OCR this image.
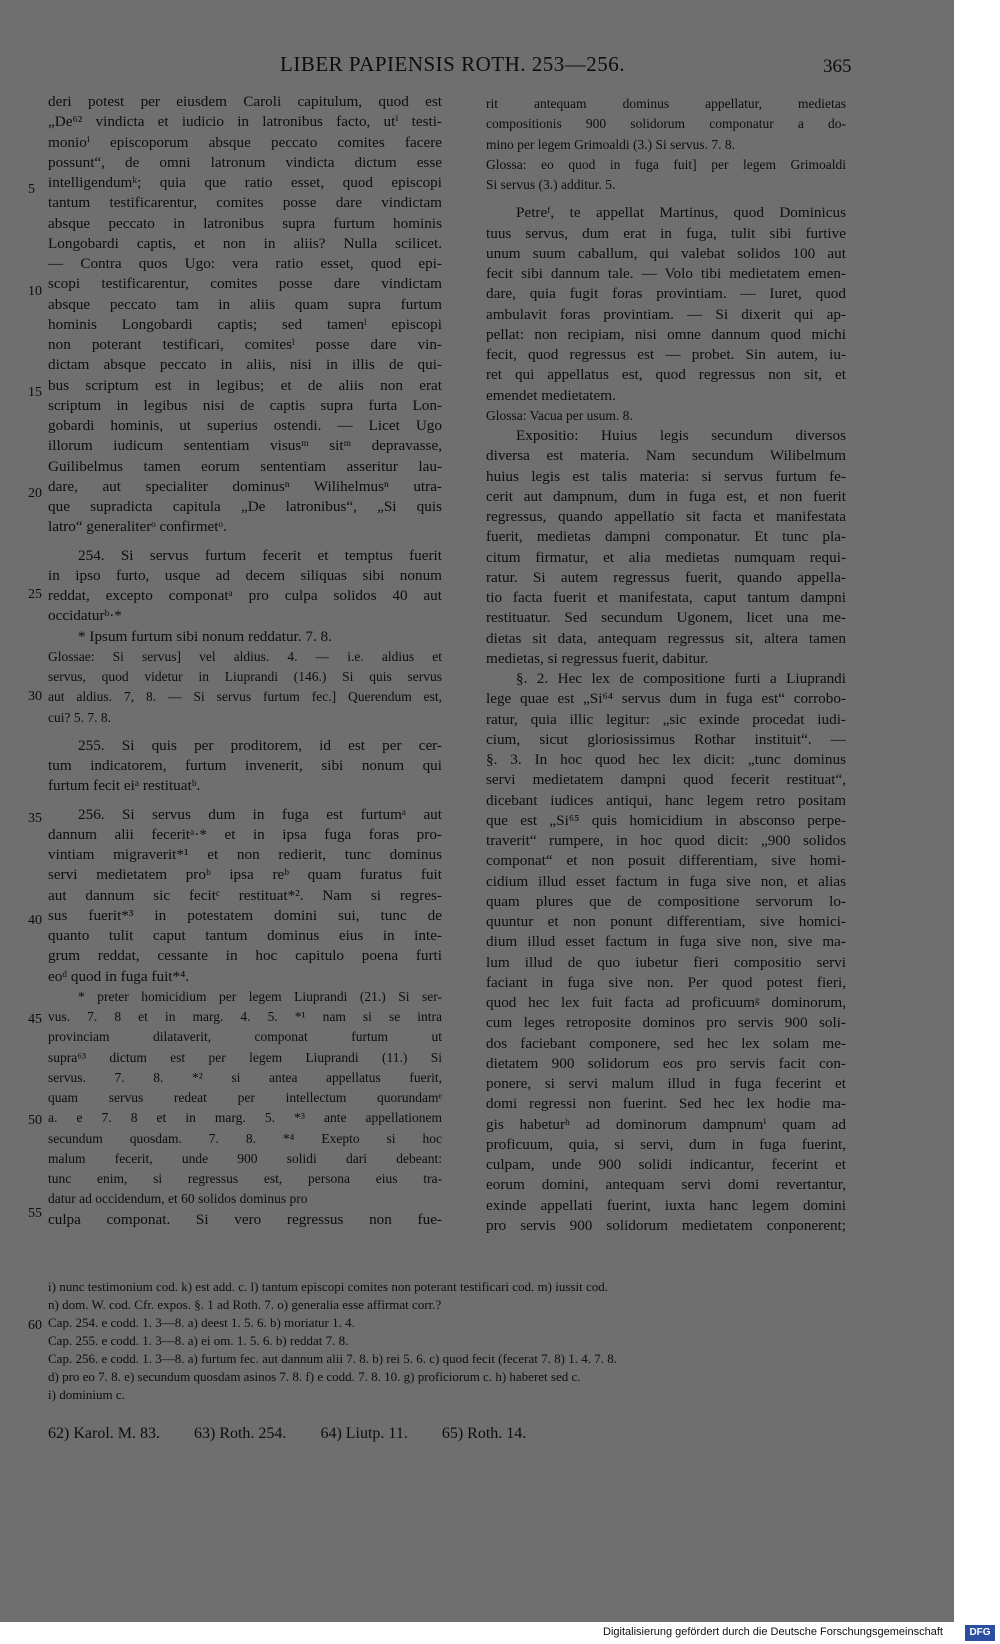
LIBER PAPIENSIS ROTH. 253—256.	365
5
10
15
20
25
30
35
40
45
50
55
60
deri potest per eiusdem Caroli capitulum, quod est
„De⁶² vindicta et iudicio in latronibus facto, utⁱ testi-
monioⁱ episcoporum absque peccato comites facere
possunt“, de omni latronum vindicta dictum esse
intelligendumᵏ; quia que ratio esset, quod episcopi
tantum testificarentur, comites posse dare vindictam
absque peccato in latronibus supra furtum hominis
Longobardi captis, et non in aliis? Nulla scilicet.
— Contra quos Ugo: vera ratio esset, quod epi-
scopi testificarentur, comites posse dare vindictam
absque peccato tam in aliis quam supra furtum
hominis Longobardi captis; sed tamenˡ episcopi
non poterant testificari, comitesˡ posse dare vin-
dictam absque peccato in aliis, nisi in illis de qui-
bus scriptum est in legibus; et de aliis non erat
scriptum in legibus nisi de captis supra furta Lon-
gobardi hominis, ut superius ostendi. — Licet Ugo
illorum iudicum sententiam visusᵐ sitᵐ depravasse,
Guilibelmus tamen eorum sententiam asseritur lau-
dare, aut specialiter dominusⁿ Wilihelmusⁿ utra-
que supradicta capitula „De latronibus“, „Si quis
latro“ generaliterᵒ confirmetᵒ.
254. Si servus furtum fecerit et temptus fuerit
in ipso furto, usque ad decem siliquas sibi nonum
reddat, excepto componatᵃ pro culpa solidos 40 aut
occidaturᵇ·*
* Ipsum furtum sibi nonum reddatur. 7. 8.
Glossae: Si servus] vel aldius. 4. — i.e. aldius et
servus, quod videtur in Liuprandi (146.) Si quis servus
aut aldius. 7, 8. — Si servus furtum fec.] Querendum est,
cui? 5. 7. 8.
255. Si quis per proditorem, id est per cer-
tum indicatorem, furtum invenerit, sibi nonum qui
furtum fecit eiᵃ restituatᵇ.
256. Si servus dum in fuga est furtumᵃ aut
dannum alii feceritᵃ·* et in ipsa fuga foras pro-
vintiam migraverit*¹ et non redierit, tunc dominus
servi medietatem proᵇ ipsa reᵇ quam furatus fuit
aut dannum sic fecitᶜ restituat*². Nam si regres-
sus fuerit*³ in potestatem domini sui, tunc de
quanto tulit caput tantum dominus eius in inte-
grum reddat, cessante in hoc capitulo poena furti
eoᵈ quod in fuga fuit*⁴.
* preter homicidium per legem Liuprandi (21.) Si ser-
vus. 7. 8 et in marg. 4. 5. *¹ nam si se intra
provinciam dilataverit, componat furtum ut
supra⁶³ dictum est per legem Liuprandi (11.) Si
servus. 7. 8. *² si antea appellatus fuerit,
quam servus redeat per intellectum quorundamᵉ
a. e 7. 8 et in marg. 5. *³ ante appellationem
secundum quosdam. 7. 8. *⁴ Exepto si hoc
malum fecerit, unde 900 solidi dari debeant:
tunc enim, si regressus est, persona eius tra-
datur ad occidendum, et 60 solidos dominus pro
culpa componat. Si vero regressus non fue-
rit antequam dominus appellatur, medietas
compositionis 900 solidorum componatur a do-
mino per legem Grimoaldi (3.) Si servus. 7. 8.
Glossa: eo quod in fuga fuit] per legem Grimoaldi
Si servus (3.) additur. 5.
Petreᶠ, te appellat Martinus, quod Dominicus
tuus servus, dum erat in fuga, tulit sibi furtive
unum suum caballum, qui valebat solidos 100 aut
fecit sibi dannum tale. — Volo tibi medietatem emen-
dare, quia fugit foras provintiam. — Iuret, quod
ambulavit foras provintiam. — Si dixerit qui ap-
pellat: non recipiam, nisi omne dannum quod michi
fecit, quod regressus est — probet. Sin autem, iu-
ret qui appellatus est, quod regressus non sit, et
emendet medietatem.
Glossa: Vacua per usum. 8.
Expositio: Huius legis secundum diversos
diversa est materia. Nam secundum Wilibelmum
huius legis est talis materia: si servus furtum fe-
cerit aut dampnum, dum in fuga est, et non fuerit
regressus, quando appellatio sit facta et manifestata
fuerit, medietas dampni componatur. Et tunc pla-
citum firmatur, et alia medietas numquam requi-
ratur. Si autem regressus fuerit, quando appella-
tio facta fuerit et manifestata, caput tantum dampni
restituatur. Sed secundum Ugonem, licet una me-
dietas sit data, antequam regressus sit, altera tamen
medietas, si regressus fuerit, dabitur.
§. 2. Hec lex de compositione furti a Liuprandi
lege quae est „Si⁶⁴ servus dum in fuga est“ corrobo-
ratur, quia illic legitur: „sic exinde procedat iudi-
cium, sicut gloriosissimus Rothar instituit“. —
§. 3. In hoc quod hec lex dicit: „tunc dominus
servi medietatem dampni quod fecerit restituat“,
dicebant iudices antiqui, hanc legem retro positam
que est „Si⁶⁵ quis homicidium in absconso perpe-
traverit“ rumpere, in hoc quod dicit: „900 solidos
componat“ et non posuit differentiam, sive homi-
cidium illud esset factum in fuga sive non, et alias
quam plures que de compositione servorum lo-
quuntur et non ponunt differentiam, sive homici-
dium illud esset factum in fuga sive non, sive ma-
lum illud de quo iubetur fieri compositio servi
faciant in fuga sive non. Per quod potest fieri,
quod hec lex fuit facta ad proficuumᵍ dominorum,
cum leges retroposite dominos pro servis 900 soli-
dos faciebant componere, sed hec lex solam me-
dietatem 900 solidorum eos pro servis facit con-
ponere, si servi malum illud in fuga fecerint et
domi regressi non fuerint. Sed hec lex hodie ma-
gis habeturʰ ad dominorum dampnumⁱ quam ad
proficuum, quia, si servi, dum in fuga fuerint,
culpam, unde 900 solidi indicantur, fecerint et
eorum domini, antequam servi domi revertantur,
exinde appellati fuerint, iuxta hanc legem domini
pro servis 900 solidorum medietatem conponerent;
i) nunc testimonium cod. k) est add. c. l) tantum episcopi comites non poterant testificari cod. m) iussit cod.
n) dom. W. cod. Cfr. expos. §. 1 ad Roth. 7. o) generalia esse affirmat corr.?
Cap. 254. e codd. 1. 3—8. a) deest 1. 5. 6. b) moriatur 1. 4.
Cap. 255. e codd. 1. 3—8. a) ei om. 1. 5. 6. b) reddat 7. 8.
Cap. 256. e codd. 1. 3—8. a) furtum fec. aut dannum alii 7. 8. b) rei 5. 6. c) quod fecit (fecerat 7. 8) 1. 4. 7. 8.
d) pro eo 7. 8. e) secundum quosdam asinos 7. 8. f) e codd. 7. 8. 10. g) proficiorum c. h) haberet sed c.
i) dominium c.
62) Karol. M. 83. 63) Roth. 254. 64) Liutp. 11. 65) Roth. 14.
Digitalisierung gefördert durch die Deutsche Forschungsgemeinschaft	DFG
